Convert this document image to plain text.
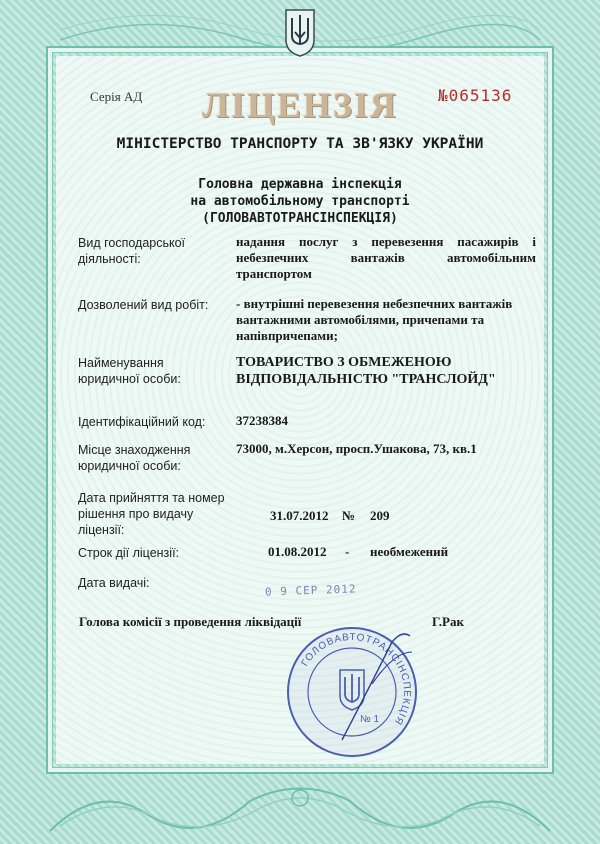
Серія АД ЛІЦЕНЗІЯ	№065136
МІНІСТЕРСТВО ТРАНСПОРТУ ТА ЗВ'ЯЗКУ УКРАЇНИ
Головна державна інспекція
на автомобільному транспорті
(ГОЛОВАВТОТРАНСІНСПЕКЦІЯ)
Вид господарської діяльності:
надання послуг з перевезення пасажирів і небезпечних вантажів автомобільним транспортом
Дозволений вид робіт:	- внутрішні перевезення небезпечних вантажів вантажними автомобілями, причепами та напівпричепами;
Найменування юридичної особи:
ТОВАРИСТВО З ОБМЕЖЕНОЮ ВІДПОВІДАЛЬНІСТЮ "ТРАНСЛОЙД"
Ідентифікаційний код:	37238384
Місце знаходження юридичної особи:
73000, м.Херсон, просп.Ушакова, 73, кв.1
Дата прийняття та номер рішення про видачу ліцензії:
31.07.2012 № 209
Строк дії ліцензії:	01.08.2012 - необмежений
Дата видачі:	0 9 СЕР 2012
Голова комісії з проведення ліквідації	Г.Рак
ГОЛОВАВТОТРАНСІНСПЕКЦІЯ
№ 1
